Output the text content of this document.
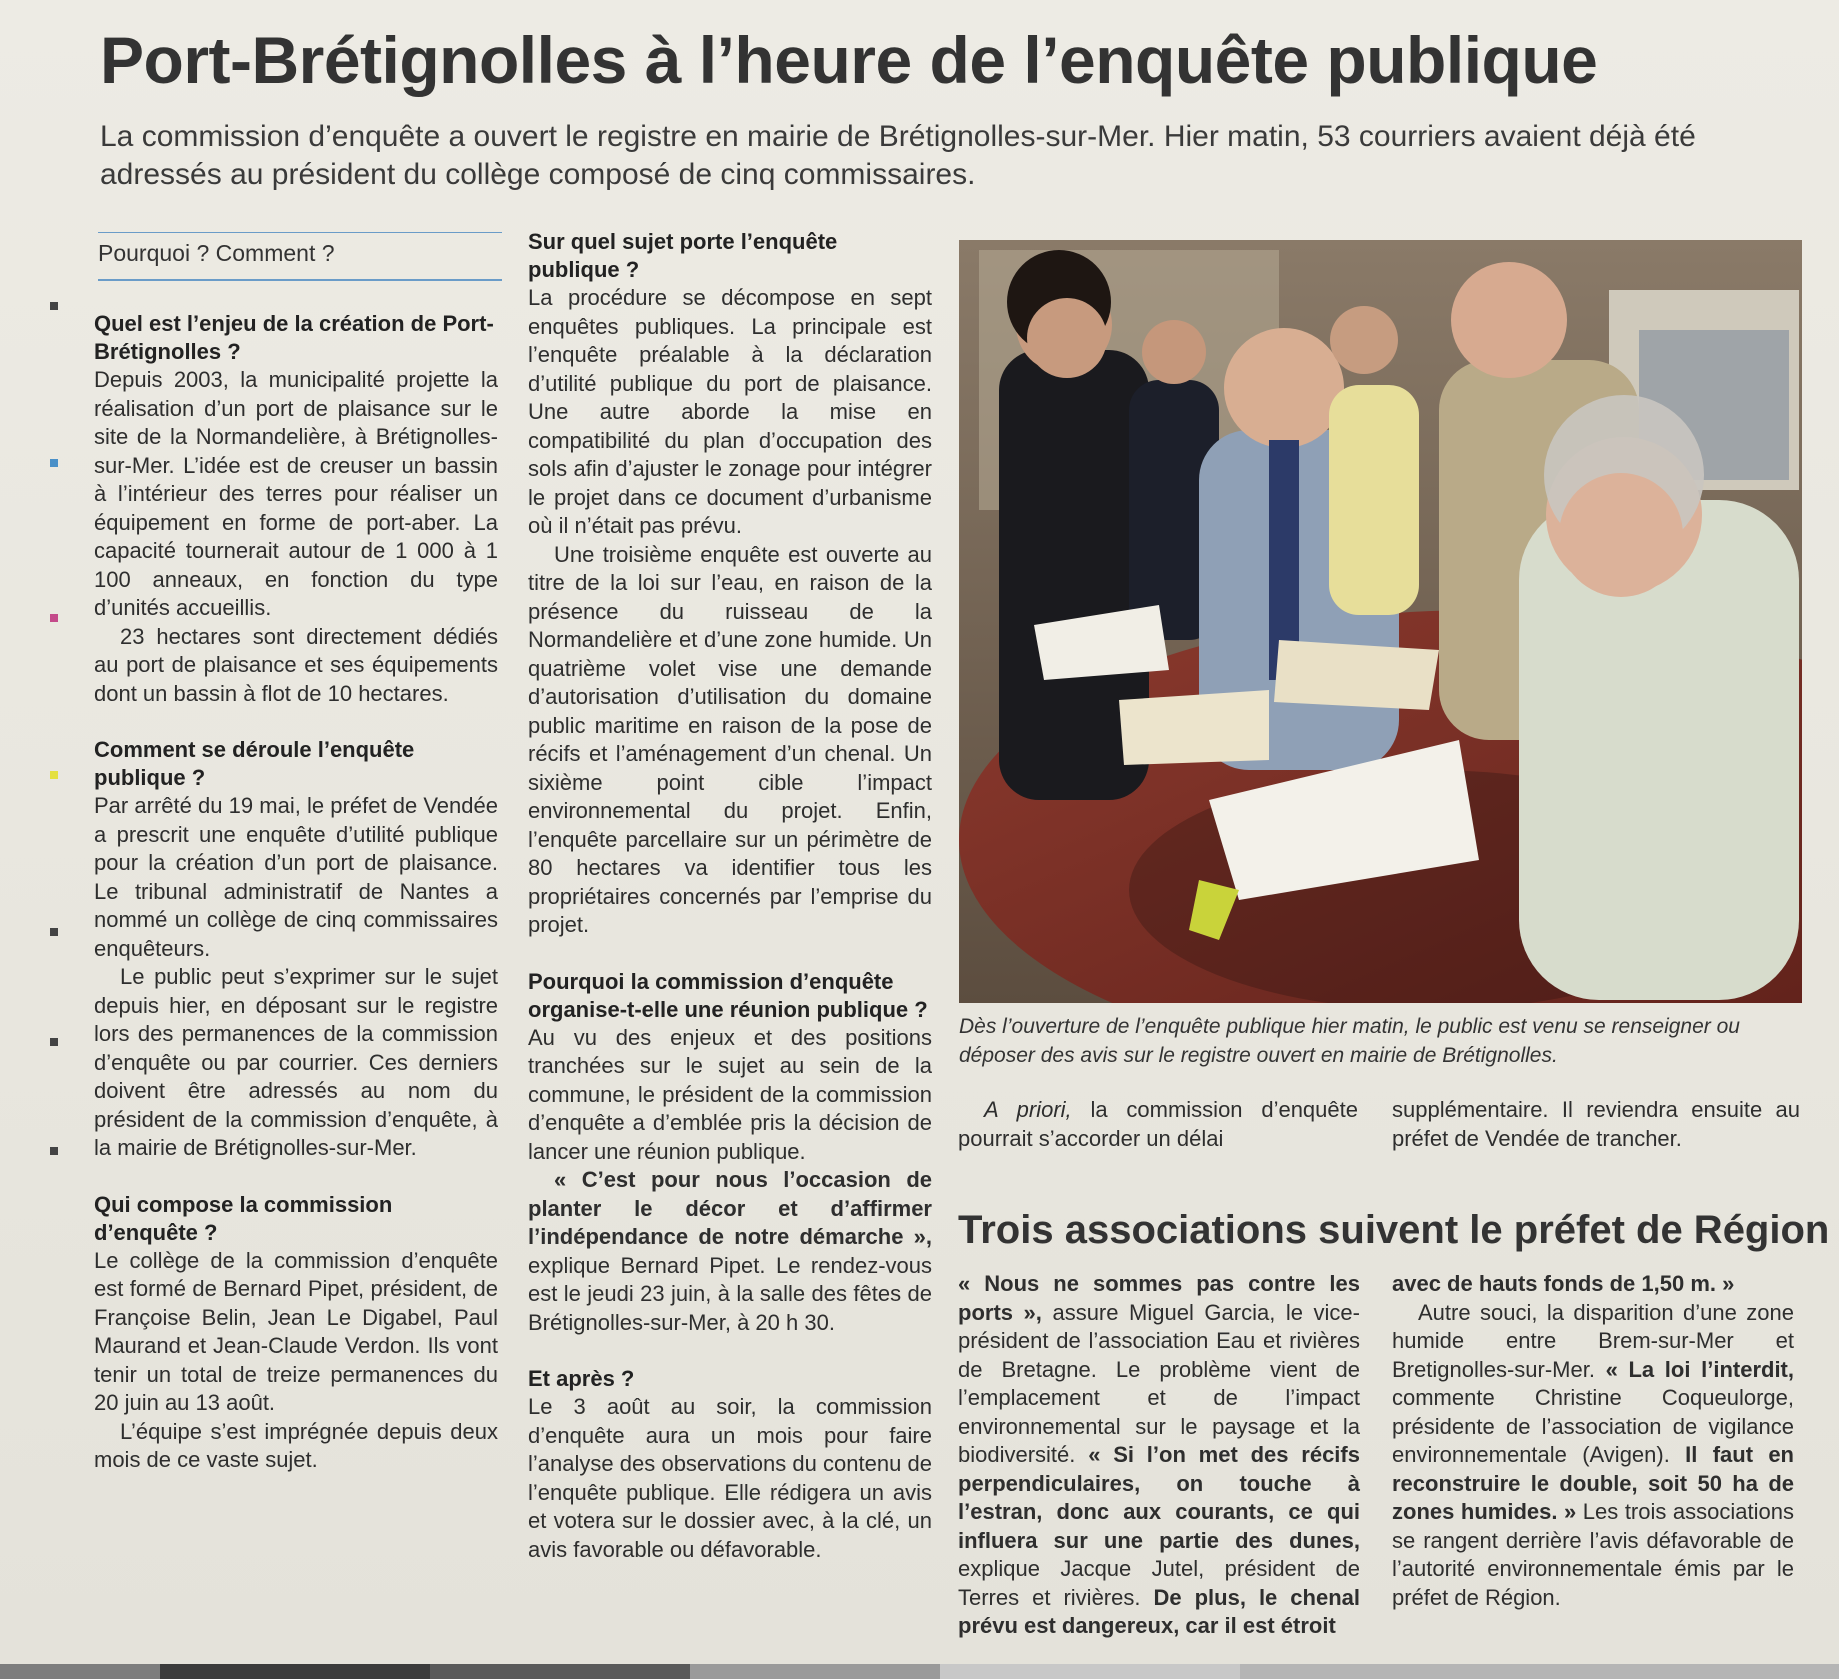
Port-Brétignolles à l’heure de l’enquête publique

La commission d’enquête a ouvert le registre en mairie de Brétignolles-sur-Mer. Hier matin, 53 courriers avaient déjà été adressés au président du collège composé de cinq commissaires.

Pourquoi ? Comment ?
Quel est l’enjeu de la création de Port-Brétignolles ?

Depuis 2003, la municipalité projette la réalisation d’un port de plaisance sur le site de la Normandelière, à Brétignolles-sur-Mer. L’idée est de creuser un bassin à l’intérieur des terres pour réaliser un équipement en forme de port-aber. La capacité tournerait autour de 1 000 à 1 100 anneaux, en fonction du type d’unités accueillis.

23 hectares sont directement dédiés au port de plaisance et ses équipements dont un bassin à flot de 10 hectares.

Comment se déroule l’enquête publique ?

Par arrêté du 19 mai, le préfet de Vendée a prescrit une enquête d’utilité publique pour la création d’un port de plaisance. Le tribunal administratif de Nantes a nommé un collège de cinq commissaires enquêteurs.

Le public peut s’exprimer sur le sujet depuis hier, en déposant sur le registre lors des permanences de la commission d’enquête ou par courrier. Ces derniers doivent être adressés au nom du président de la commission d’enquête, à la mairie de Brétignolles-sur-Mer.

Qui compose la commission d’enquête ?

Le collège de la commission d’enquête est formé de Bernard Pipet, président, de Françoise Belin, Jean Le Digabel, Paul Maurand et Jean-Claude Verdon. Ils vont tenir un total de treize permanences du 20 juin au 13 août.

L’équipe s’est imprégnée depuis deux mois de ce vaste sujet.

Sur quel sujet porte l’enquête publique ?

La procédure se décompose en sept enquêtes publiques. La principale est l’enquête préalable à la déclaration d’utilité publique du port de plaisance. Une autre aborde la mise en compatibilité du plan d’occupation des sols afin d’ajuster le zonage pour intégrer le projet dans ce document d’urbanisme où il n’était pas prévu.

Une troisième enquête est ouverte au titre de la loi sur l’eau, en raison de la présence du ruisseau de la Normandelière et d’une zone humide. Un quatrième volet vise une demande d’autorisation d’utilisation du domaine public maritime en raison de la pose de récifs et l’aménagement d’un chenal. Un sixième point cible l’impact environnemental du projet. Enfin, l’enquête parcellaire sur un périmètre de 80 hectares va identifier tous les propriétaires concernés par l’emprise du projet.

Pourquoi la commission d’enquête organise-t-elle une réunion publique ?

Au vu des enjeux et des positions tranchées sur le sujet au sein de la commune, le président de la commission d’enquête a d’emblée pris la décision de lancer une réunion publique.

« C’est pour nous l’occasion de planter le décor et d’affirmer l’indépendance de notre démarche », explique Bernard Pipet. Le rendez-vous est le jeudi 23 juin, à la salle des fêtes de Brétignolles-sur-Mer, à 20 h 30.

Et après ?

Le 3 août au soir, la commission d’enquête aura un mois pour faire l’analyse des observations du contenu de l’enquête publique. Elle rédigera un avis et votera sur le dossier avec, à la clé, un avis favorable ou défavorable.

Dès l’ouverture de l’enquête publique hier matin, le public est venu se renseigner ou déposer des avis sur le registre ouvert en mairie de Brétignolles.

A priori, la commission d’enquête pourrait s’accorder un délai

supplémentaire. Il reviendra ensuite au préfet de Vendée de trancher.

Trois associations suivent le préfet de Région

« Nous ne sommes pas contre les ports », assure Miguel Garcia, le vice-président de l’association Eau et rivières de Bretagne. Le problème vient de l’emplacement et de l’impact environnemental sur le paysage et la biodiversité. « Si l’on met des récifs perpendiculaires, on touche à l’estran, donc aux courants, ce qui influera sur une partie des dunes, explique Jacque Jutel, président de Terres et rivières. De plus, le chenal prévu est dangereux, car il est étroit

avec de hauts fonds de 1,50 m. »

Autre souci, la disparition d’une zone humide entre Brem-sur-Mer et Bretignolles-sur-Mer. « La loi l’interdit, commente Christine Coqueulorge, présidente de l’association de vigilance environnementale (Avigen). Il faut en reconstruire le double, soit 50 ha de zones humides. » Les trois associations se rangent derrière l’avis défavorable de l’autorité environnementale émis par le préfet de Région.
